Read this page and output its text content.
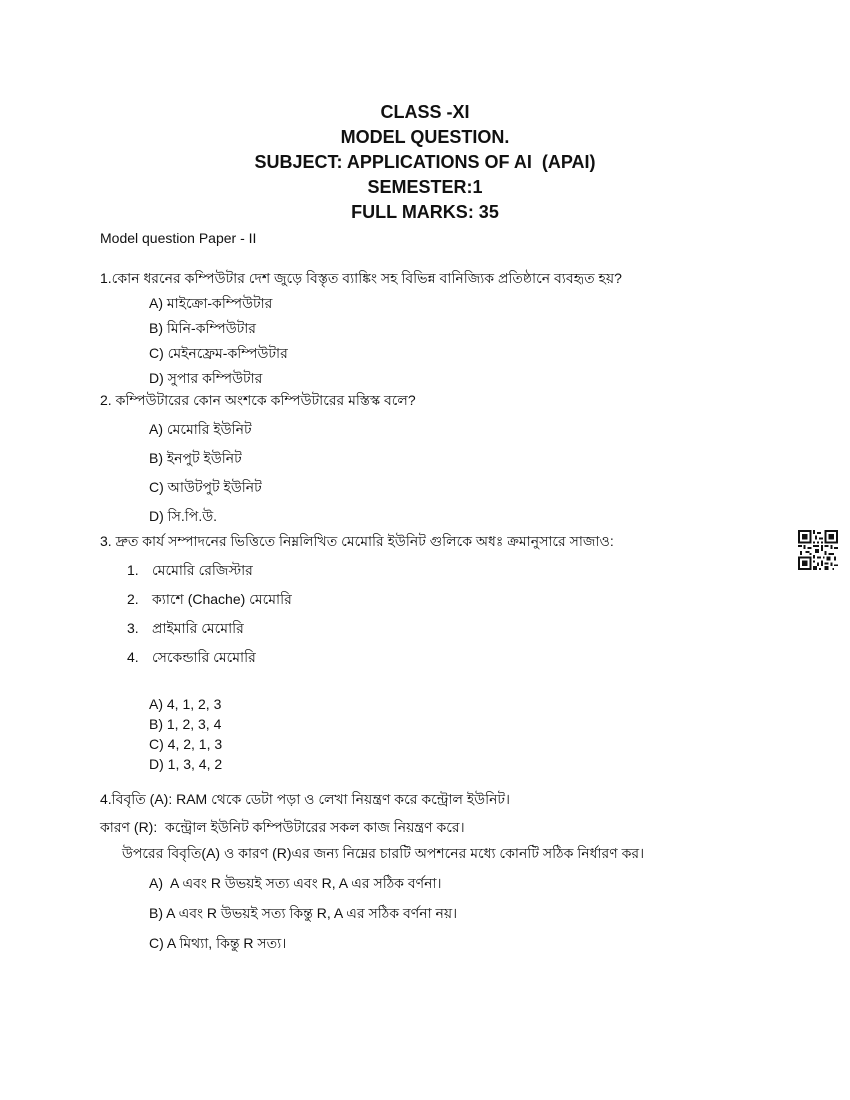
CLASS -XI
MODEL QUESTION.
SUBJECT: APPLICATIONS OF AI  (APAI)
SEMESTER:1
FULL MARKS: 35
Model question Paper - II
1.কোন ধরনের কম্পিউটার দেশ জুড়ে বিস্তৃত ব্যাঙ্কিং সহ বিভিন্ন বানিজ্যিক প্রতিষ্ঠানে ব্যবহৃত হয়?
A) মাইক্রো-কম্পিউটার
B) মিনি-কম্পিউটার
C) মেইনফ্রেম-কম্পিউটার
D) সুপার কম্পিউটার
2. কম্পিউটারের কোন অংশকে কম্পিউটারের মস্তিস্ক বলে?
A) মেমোরি ইউনিট
B) ইনপুট ইউনিট
C) আউটপুট ইউনিট
D) সি.পি.উ.
3. দ্রুত কার্য সম্পাদনের ভিত্তিতে নিম্নলিখিত মেমোরি ইউনিট গুলিকে অধঃ ক্রমানুসারে সাজাও:
1. মেমোরি রেজিস্টার
2. ক্যাশে (Chache) মেমোরি
3. প্রাইমারি মেমোরি
4. সেকেন্ডারি মেমোরি
A) 4, 1, 2, 3
B) 1, 2, 3, 4
C) 4, 2, 1, 3
D) 1, 3, 4, 2
4.বিবৃতি (A): RAM থেকে ডেটা পড়া ও লেখা নিয়ন্ত্রণ করে কন্ট্রোল ইউনিট।
কারণ (R):  কন্ট্রোল ইউনিট কম্পিউটারের সকল কাজ নিয়ন্ত্রণ করে।
উপরের বিবৃতি(A) ও কারণ (R)এর জন্য নিম্নের চারটি অপশনের মধ্যে কোনটি সঠিক নির্ধারণ কর।
A)  A এবং R উভয়ই সত্য এবং R, A এর সঠিক বর্ণনা।
B) A এবং R উভয়ই সত্য কিন্তু R, A এর সঠিক বর্ণনা নয়।
C) A মিথ্যা, কিন্তু R সত্য।
